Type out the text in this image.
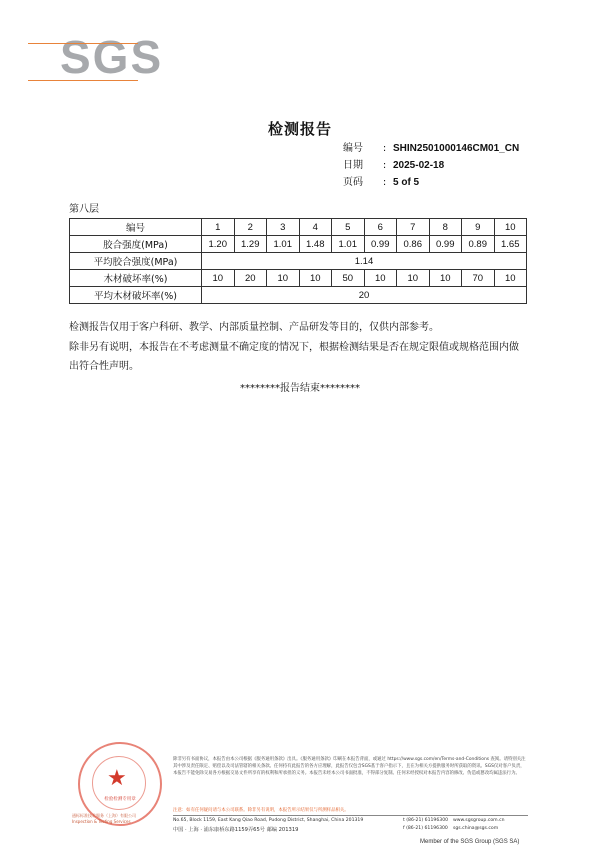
SGS
检测报告
编号	: SHIN2501000146CM01_CN
日期	: 2025-02-18
页码	: 5 of 5
第八层
编号	1	2	3	4	5	6	7	8	9	10
胶合强度(MPa)	1.20	1.29	1.01	1.48	1.01	0.99	0.86	0.99	0.89	1.65
平均胶合强度(MPa)	1.14									
木材破坏率(%)	10	20	10	10	50	10	10	10	70	10
平均木材破坏率(%)	20									
检测报告仅用于客户科研、教学、内部质量控制、产品研发等目的，仅供内部参考。
除非另有说明，本报告在不考虑测量不确定度的情况下，根据检测结果是否在规定限值或规格范围内做
出符合性声明。
********报告结束********
★
检验检测专用章
通标标准技术服务（上海）有限公司 Inspection & Testing Services
除非另有书面协议，本报告由本公司根据《服务通用条款》出具。《服务通用条款》印刷在本报告背面，或通过 https://www.sgs.com/en/Terms-and-Conditions 查阅。请特别关注其中涉及责任限定、赔偿以及司法管辖的相关条款。任何持有此报告的各方应理解，此报告仅包含SGS基于客户指示下，且在为相关方提供服务时所获取的资讯。SGS仅对客户负责，本报告不能免除交易各方根据交易文件所享有的权利和所承担的义务。本报告未经本公司书面批准，不得部分复制。任何未经授权对本报告内容的修改、伪造或篡改均属违法行为。
注意：如有任何疑问请与本公司联系。除非另有说明，本报告所示结果仅与所测样品相关。
No.65, Block 1159, East Kang Qiao Road, Pudong District, Shanghai, China 201319
中国 · 上海 · 浦东康桥东路1159弄65号 邮编 201319
t (86-21) 61196300
f (86-21) 61196300
www.sgsgroup.com.cn
sgs.china@sgs.com
Member of the SGS Group (SGS SA)
